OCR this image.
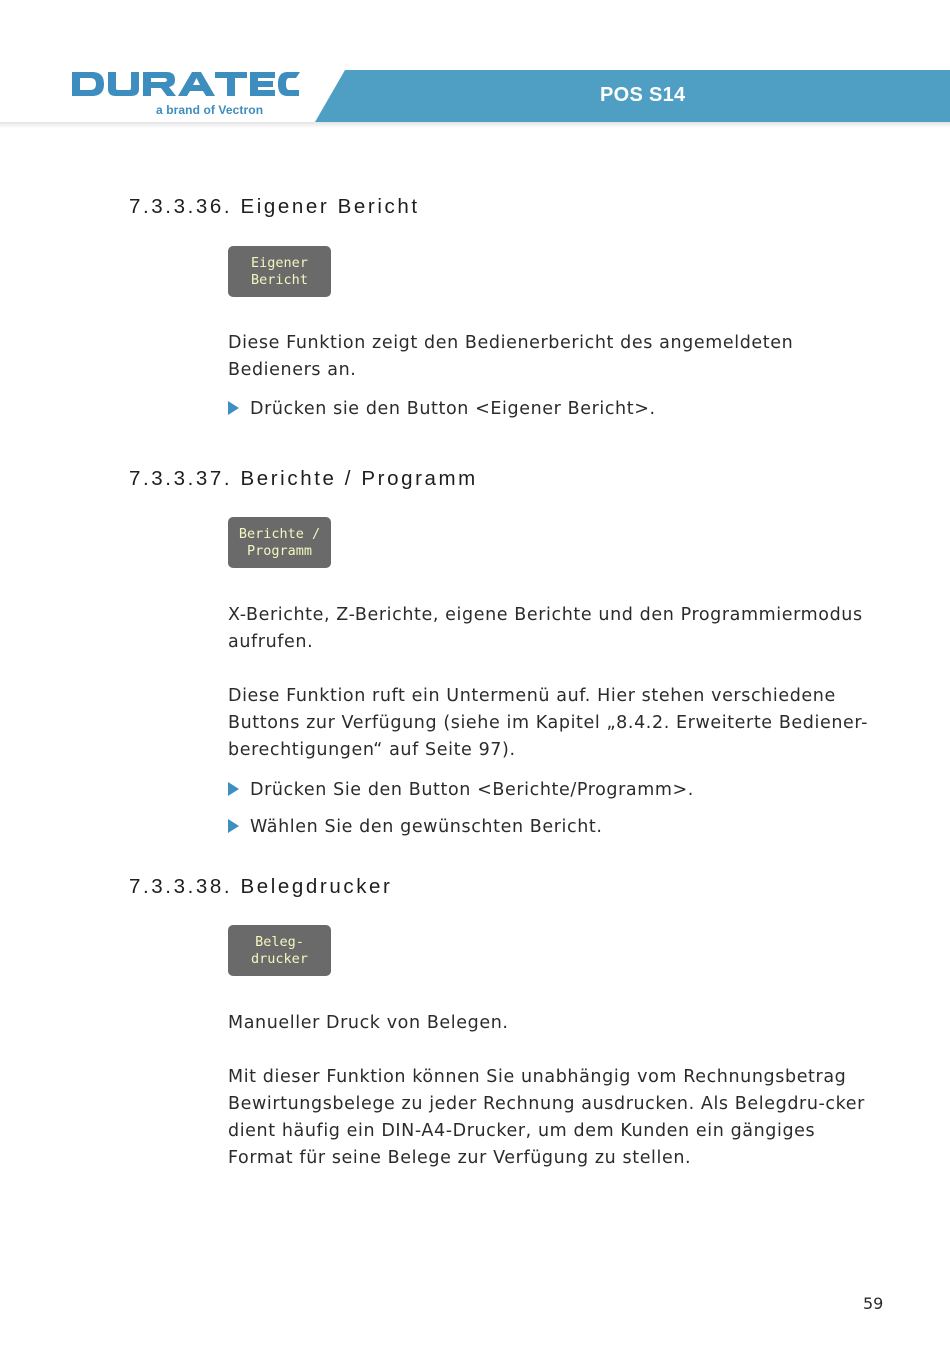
a brand of Vectron
POS S14
7.3.3.36. Eigener Bericht
Eigener
Bericht

Diese Funktion zeigt den Bedienerbericht des angemeldeten Bedieners an.

Drücken sie den Button <Eigener Bericht>.
7.3.3.37. Berichte / Programm
Berichte /
Programm

X-Berichte, Z-Berichte, eigene Berichte und den Programmiermodus aufrufen.

Diese Funktion ruft ein Untermenü auf. Hier stehen verschiedene Buttons zur Verfügung (siehe im Kapitel „8.4.2. Erweiterte Bediener-berechtigungen“ auf Seite 97).

Drücken Sie den Button <Berichte/Programm>.
Wählen Sie den gewünschten Bericht.
7.3.3.38. Belegdrucker
Beleg-
drucker

Manueller Druck von Belegen.

Mit dieser Funktion können Sie unabhängig vom Rechnungsbetrag Bewirtungsbelege zu jeder Rechnung ausdrucken. Als Belegdru-cker dient häufig ein DIN-A4-Drucker, um dem Kunden ein gängiges Format für seine Belege zur Verfügung zu stellen.

59
